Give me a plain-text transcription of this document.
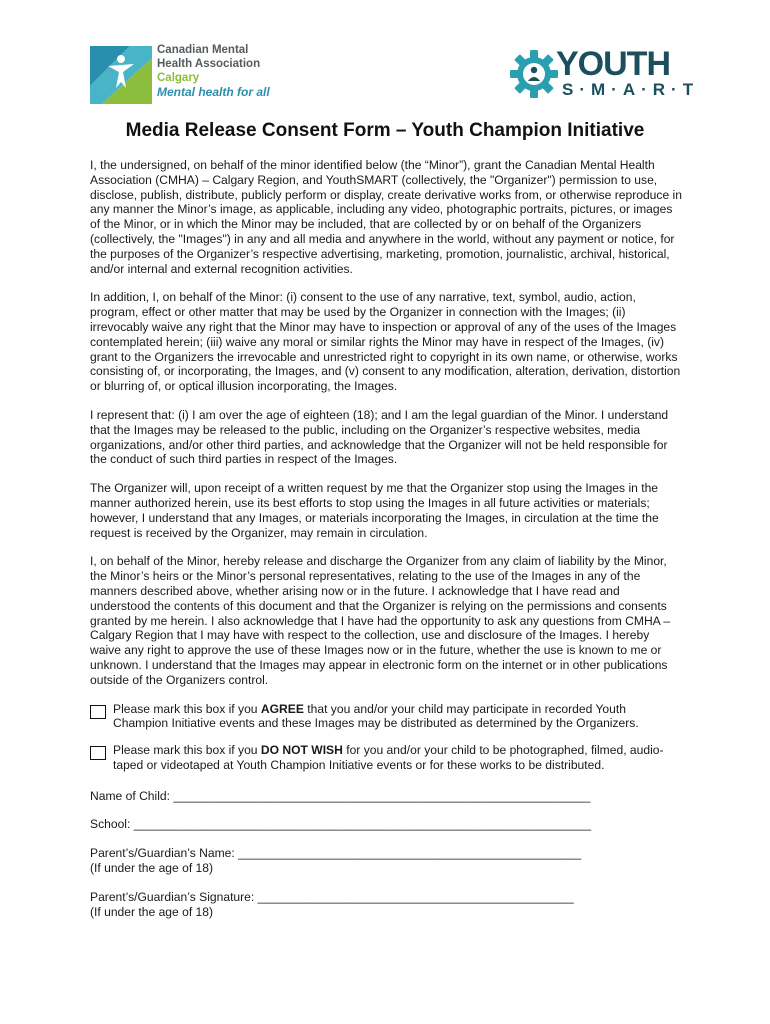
Canadian Mental
Health Association
Calgary
Mental health for all
YOUTH
S·M·A·R·T
Media Release Consent Form – Youth Champion Initiative

I, the undersigned, on behalf of the minor identified below (the “Minor”), grant the Canadian Mental Health Association (CMHA) – Calgary Region, and YouthSMART (collectively, the "Organizer") permission to use, disclose, publish, distribute, publicly perform or display, create derivative works from, or otherwise reproduce in any manner the Minor’s image, as applicable, including any video, photographic portraits, pictures, or images of the Minor, or in which the Minor may be included, that are collected by or on behalf of the Organizers (collectively, the "Images") in any and all media and anywhere in the world, without any payment or notice, for the purposes of the Organizer’s respective advertising, marketing, promotion, journalistic, archival, historical, and/or internal and external recognition activities.

In addition, I, on behalf of the Minor: (i) consent to the use of any narrative, text, symbol, audio, action, program, effect or other matter that may be used by the Organizer in connection with the Images; (ii) irrevocably waive any right that the Minor may have to inspection or approval of any of the uses of the Images contemplated herein; (iii) waive any moral or similar rights the Minor may have in respect of the Images, (iv) grant to the Organizers the irrevocable and unrestricted right to copyright in its own name, or otherwise, works consisting of, or incorporating, the Images, and (v) consent to any modification, alteration, derivation, distortion or blurring of, or optical illusion incorporating, the Images.

I represent that: (i) I am over the age of eighteen (18); and I am the legal guardian of the Minor. I understand that the Images may be released to the public, including on the Organizer’s respective websites, media organizations, and/or other third parties, and acknowledge that the Organizer will not be held responsible for the conduct of such third parties in respect of the Images.

The Organizer will, upon receipt of a written request by me that the Organizer stop using the Images in the manner authorized herein, use its best efforts to stop using the Images in all future activities or materials; however, I understand that any Images, or materials incorporating the Images, in circulation at the time the request is received by the Organizer, may remain in circulation.

I, on behalf of the Minor, hereby release and discharge the Organizer from any claim of liability by the Minor, the Minor’s heirs or the Minor’s personal representatives, relating to the use of the Images in any of the manners described above, whether arising now or in the future. I acknowledge that I have read and understood the contents of this document and that the Organizer is relying on the permissions and consents granted by me herein. I also acknowledge that I have had the opportunity to ask any questions from CMHA – Calgary Region that I may have with respect to the collection, use and disclosure of the Images. I hereby waive any right to approve the use of these Images now or in the future, whether the use is known to me or unknown. I understand that the Images may appear in electronic form on the internet or in other publications outside of the Organizers control.

Please mark this box if you AGREE that you and/or your child may participate in recorded Youth Champion Initiative events and these Images may be distributed as determined by the Organizers.
Please mark this box if you DO NOT WISH for you and/or your child to be photographed, filmed, audio-taped or videotaped at Youth Champion Initiative events or for these works to be distributed.
Name of Child: ______________________________________________________________
School: ____________________________________________________________________
Parent’s/Guardian’s Name: ___________________________________________________
(If under the age of 18)
Parent’s/Guardian’s Signature: _______________________________________________
(If under the age of 18)
